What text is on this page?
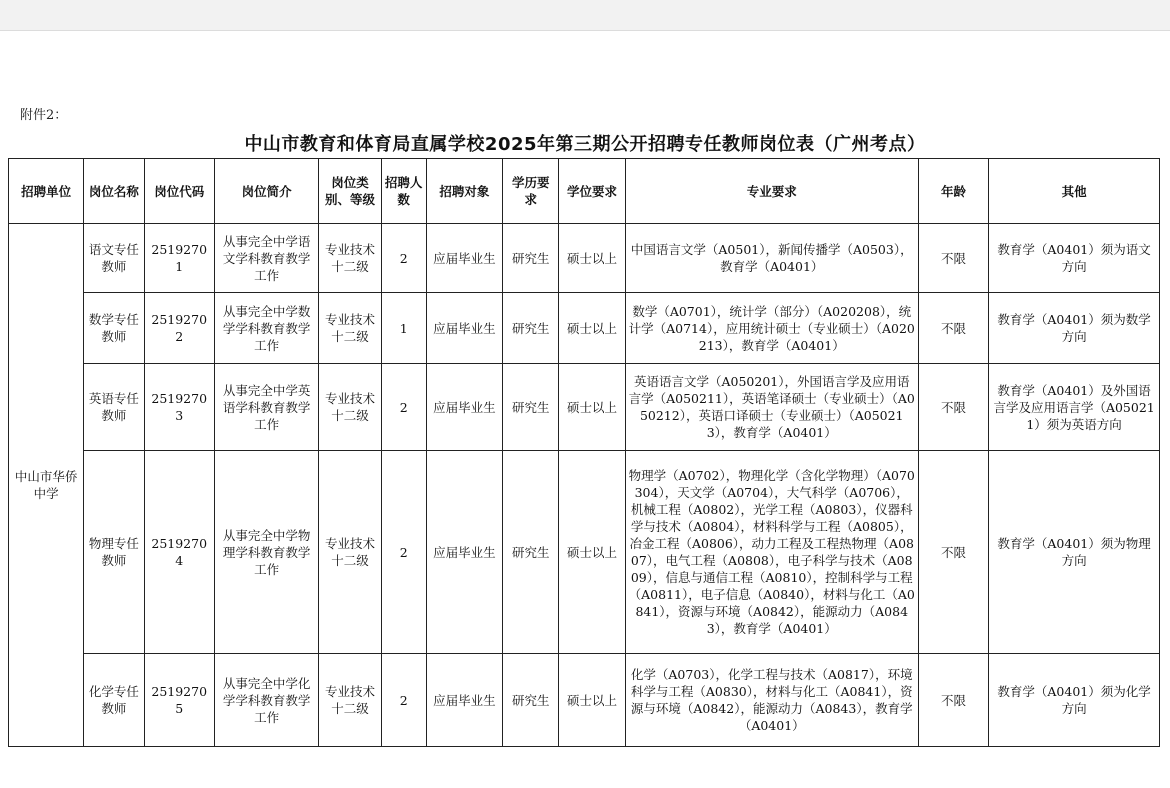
附件2：
中山市教育和体育局直属学校2025年第三期公开招聘专任教师岗位表（广州考点）
招聘单位	岗位名称	岗位代码	岗位简介	岗位类别、等级	招聘人数	招聘对象	学历要求	学位要求	专业要求	年龄	其他
中山市华侨中学	语文专任教师	25192701	从事完全中学语文学科教育教学工作	专业技术十二级	2	应届毕业生	研究生	硕士以上	中国语言文学（A0501），新闻传播学（A0503），教育学（A0401）	不限	教育学（A0401）须为语文方向
	数学专任教师	25192702	从事完全中学数学学科教育教学工作	专业技术十二级	1	应届毕业生	研究生	硕士以上	数学（A0701），统计学（部分）（A020208），统计学（A0714），应用统计硕士（专业硕士）（A020213），教育学（A0401）	不限	教育学（A0401）须为数学方向
	英语专任教师	25192703	从事完全中学英语学科教育教学工作	专业技术十二级	2	应届毕业生	研究生	硕士以上	英语语言文学（A050201），外国语言学及应用语言学（A050211），英语笔译硕士（专业硕士）（A050212），英语口译硕士（专业硕士）（A050213），教育学（A0401）	不限	教育学（A0401）及外国语言学及应用语言学（A050211）须为英语方向
	物理专任教师	25192704	从事完全中学物理学科教育教学工作	专业技术十二级	2	应届毕业生	研究生	硕士以上	物理学（A0702），物理化学（含化学物理）（A070304），天文学（A0704），大气科学（A0706），机械工程（A0802），光学工程（A0803），仪器科学与技术（A0804），材料科学与工程（A0805），冶金工程（A0806），动力工程及工程热物理（A0807），电气工程（A0808），电子科学与技术（A0809），信息与通信工程（A0810），控制科学与工程（A0811），电子信息（A0840），材料与化工（A0841），资源与环境（A0842），能源动力（A0843），教育学（A0401）	不限	教育学（A0401）须为物理方向
	化学专任教师	25192705	从事完全中学化学学科教育教学工作	专业技术十二级	2	应届毕业生	研究生	硕士以上	化学（A0703），化学工程与技术（A0817），环境科学与工程（A0830），材料与化工（A0841），资源与环境（A0842），能源动力（A0843），教育学（A0401）	不限	教育学（A0401）须为化学方向
